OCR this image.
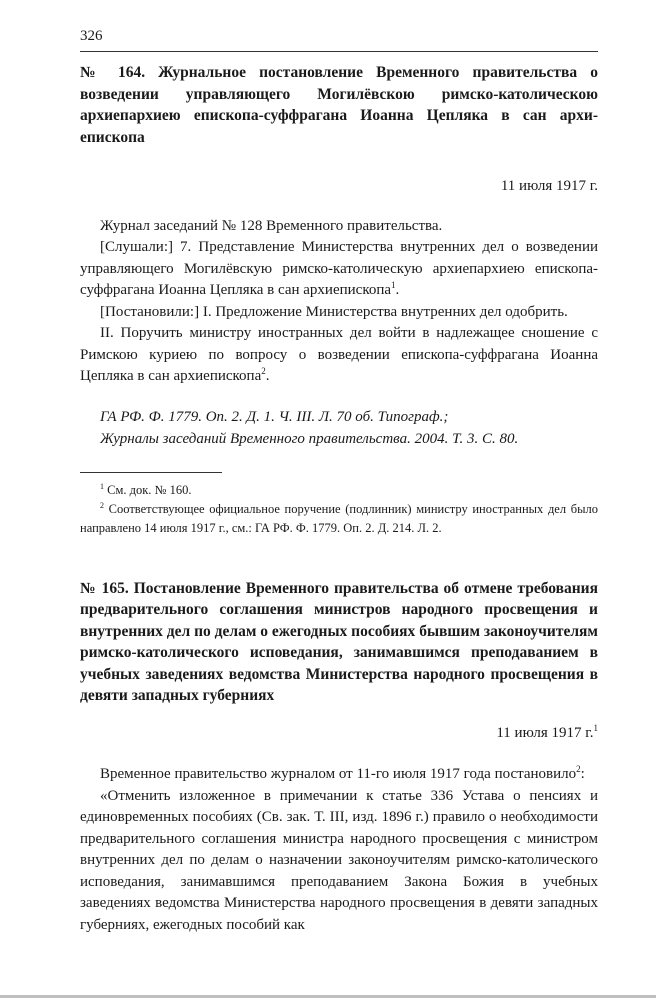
326
№ 164. Журнальное постановление Временного правительства о возведении управляющего Могилёвскою римско-католическою архиепархиею епископа-суффрагана Иоанна Цепляка в сан архиепископа

11 июля 1917 г.

Журнал заседаний № 128 Временного правительства.

[Слушали:] 7. Представление Министерства внутренних дел о возведении управляющего Могилёвскую римско-католическую архиепархиею епископа-суффрагана Иоанна Цепляка в сан архиепископа$^1$.

[Постановили:] I. Предложение Министерства внутренних дел одобрить.

II. Поручить министру иностранных дел войти в надлежащее сношение с Римскою куриею по вопросу о возведении епископа-суффрагана Иоанна Цепляка в сан архиепископа$^2$.

ГА РФ. Ф. 1779. Оп. 2. Д. 1. Ч. III. Л. 70 об. Типограф.;

Журналы заседаний Временного правительства. 2004. Т. 3. С. 80.

$^1$ См. док. № 160.

$^2$ Соответствующее официальное поручение (подлинник) министру иностранных дел было направлено 14 июля 1917 г., см.: ГА РФ. Ф. 1779. Оп. 2. Д. 214. Л. 2.

№ 165. Постановление Временного правительства об отмене требования предварительного соглашения министров народного просвещения и внутренних дел по делам о ежегодных пособиях бывшим законоучителям римско-католического исповедания, занимавшимся преподаванием в учебных заведениях ведомства Министерства народного просвещения в девяти западных губерниях

11 июля 1917 г.$^1$

Временное правительство журналом от 11-го июля 1917 года постановило$^2$:

«Отменить изложенное в примечании к статье 336 Устава о пенсиях и единовременных пособиях (Св. зак. Т. III, изд. 1896 г.) правило о необходимости предварительного соглашения министра народного просвещения с министром внутренних дел по делам о назначении законоучителям римско-католического исповедания, занимавшимся преподаванием Закона Божия в учебных заведениях ведомства Министерства народного просвещения в девяти западных губерниях, ежегодных пособий как
